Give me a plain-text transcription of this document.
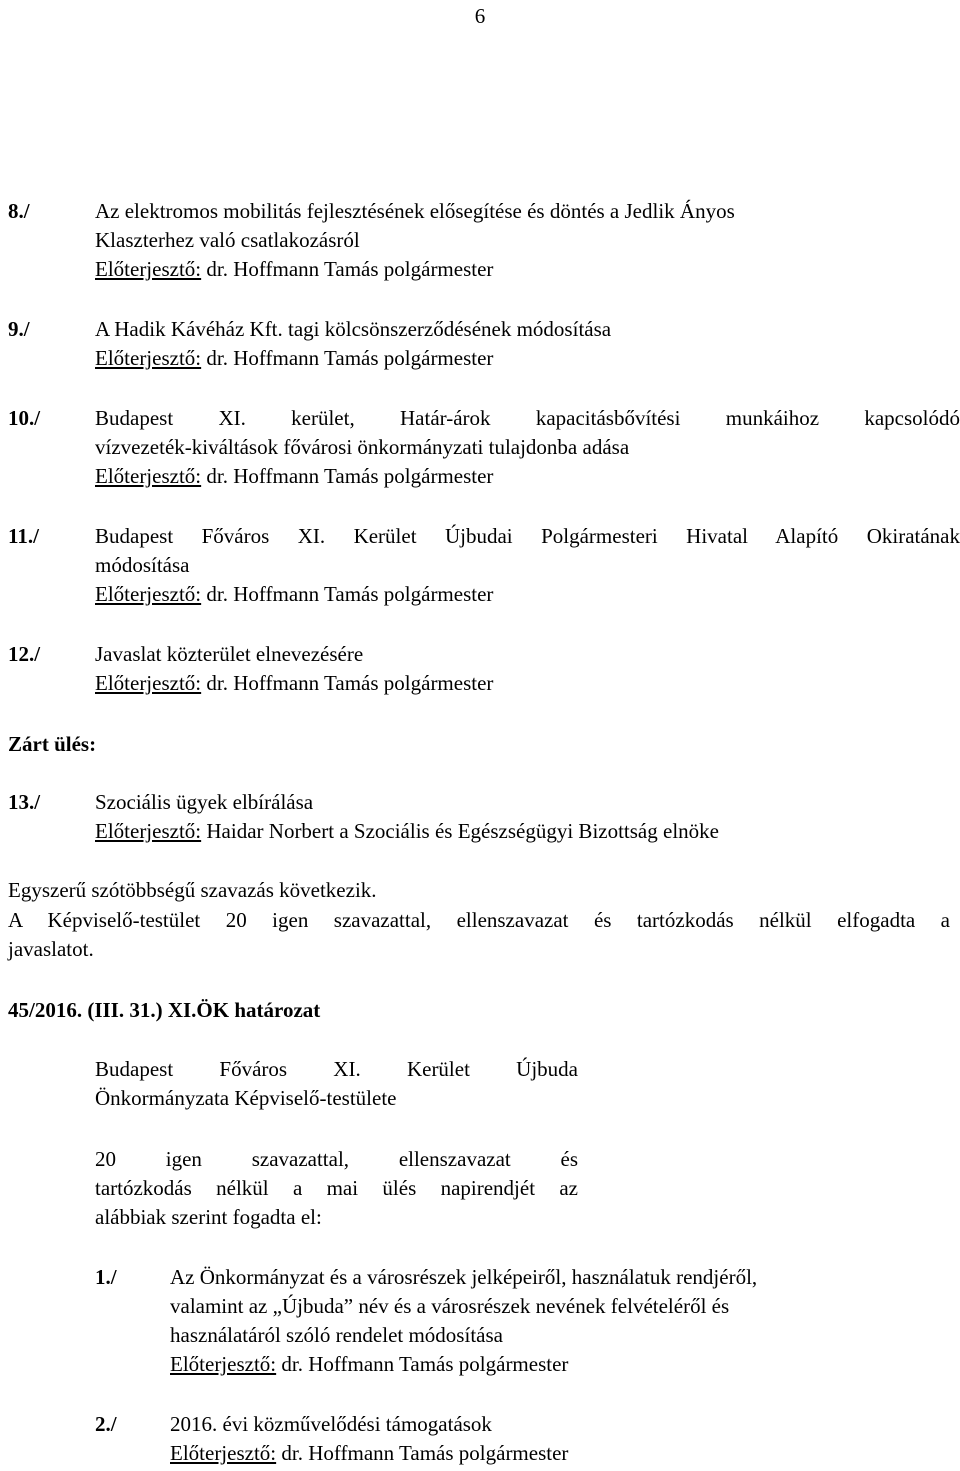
6
8./	Az elektromos mobilitás fejlesztésének elősegítése és döntés a Jedlik Ányos
Klaszterhez való csatlakozásról
Előterjesztő: dr. Hoffmann Tamás polgármester
9./	A Hadik Kávéház Kft. tagi kölcsönszerződésének módosítása
Előterjesztő: dr. Hoffmann Tamás polgármester
10./	Budapest XI. kerület, Határ-árok kapacitásbővítési munkáihoz kapcsolódó
vízvezeték-kiváltások fővárosi önkormányzati tulajdonba adása
Előterjesztő: dr. Hoffmann Tamás polgármester
11./	Budapest Főváros XI. Kerület Újbudai Polgármesteri Hivatal Alapító Okiratának
módosítása
Előterjesztő: dr. Hoffmann Tamás polgármester
12./	Javaslat közterület elnevezésére
Előterjesztő: dr. Hoffmann Tamás polgármester
Zárt ülés:
13./	Szociális ügyek elbírálása
Előterjesztő: Haidar Norbert a Szociális és Egészségügyi Bizottság elnöke
Egyszerű szótöbbségű szavazás következik.
A Képviselő-testület 20 igen szavazattal, ellenszavazat és tartózkodás nélkül elfogadta a
javaslatot.
45/2016. (III. 31.) XI.ÖK határozat
Budapest Főváros XI. Kerület Újbuda
Önkormányzata Képviselő-testülete
20 igen szavazattal, ellenszavazat és
tartózkodás nélkül a mai ülés napirendjét az
alábbiak szerint fogadta el:
1./	Az Önkormányzat és a városrészek jelképeiről, használatuk rendjéről,
valamint az „Újbuda” név és a városrészek nevének felvételéről és
használatáról szóló rendelet módosítása
Előterjesztő: dr. Hoffmann Tamás polgármester
2./	2016. évi közművelődési támogatások
Előterjesztő: dr. Hoffmann Tamás polgármester
